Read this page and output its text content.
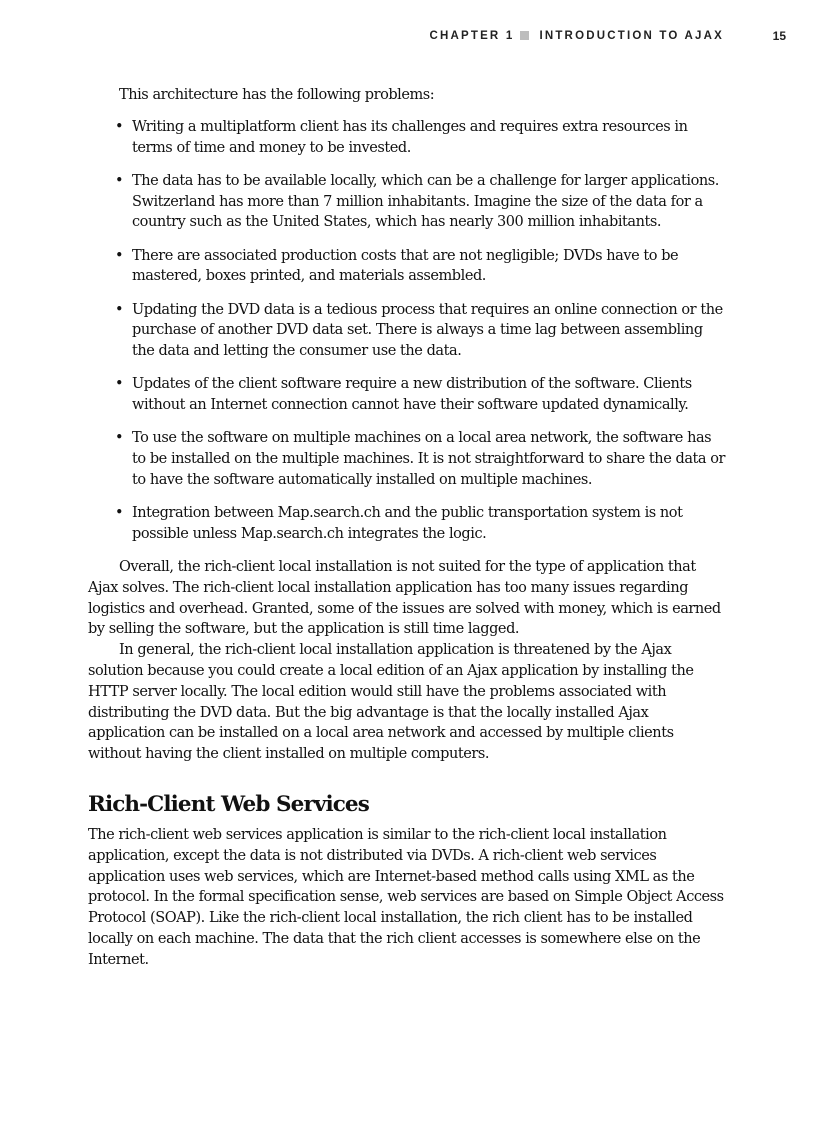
CHAPTER 1 INTRODUCTION TO AJAX	15

This architecture has the following problems:

• Writing a multiplatform client has its challenges and requires extra resources in terms of time and money to be invested.
• The data has to be available locally, which can be a challenge for larger applications. Switzerland has more than 7 million inhabitants. Imagine the size of the data for a country such as the United States, which has nearly 300 million inhabitants.
• There are associated production costs that are not negligible; DVDs have to be mastered, boxes printed, and materials assembled.
• Updating the DVD data is a tedious process that requires an online connection or the purchase of another DVD data set. There is always a time lag between assembling the data and letting the consumer use the data.
• Updates of the client software require a new distribution of the software. Clients without an Internet connection cannot have their software updated dynamically.
• To use the software on multiple machines on a local area network, the software has to be installed on the multiple machines. It is not straightforward to share the data or to have the software automatically installed on multiple machines.
• Integration between Map.search.ch and the public transportation system is not possible unless Map.search.ch integrates the logic.

Overall, the rich-client local installation is not suited for the type of application that Ajax solves. The rich-client local installation application has too many issues regarding logistics and overhead. Granted, some of the issues are solved with money, which is earned by selling the software, but the application is still time lagged.

In general, the rich-client local installation application is threatened by the Ajax solution because you could create a local edition of an Ajax application by installing the HTTP server locally. The local edition would still have the problems associated with distributing the DVD data. But the big advantage is that the locally installed Ajax application can be installed on a local area network and accessed by multiple clients without having the client installed on multiple computers.

Rich-Client Web Services

The rich-client web services application is similar to the rich-client local installation application, except the data is not distributed via DVDs. A rich-client web services application uses web services, which are Internet-based method calls using XML as the protocol. In the formal specification sense, web services are based on Simple Object Access Protocol (SOAP). Like the rich-client local installation, the rich client has to be installed locally on each machine. The data that the rich client accesses is somewhere else on the Internet.
